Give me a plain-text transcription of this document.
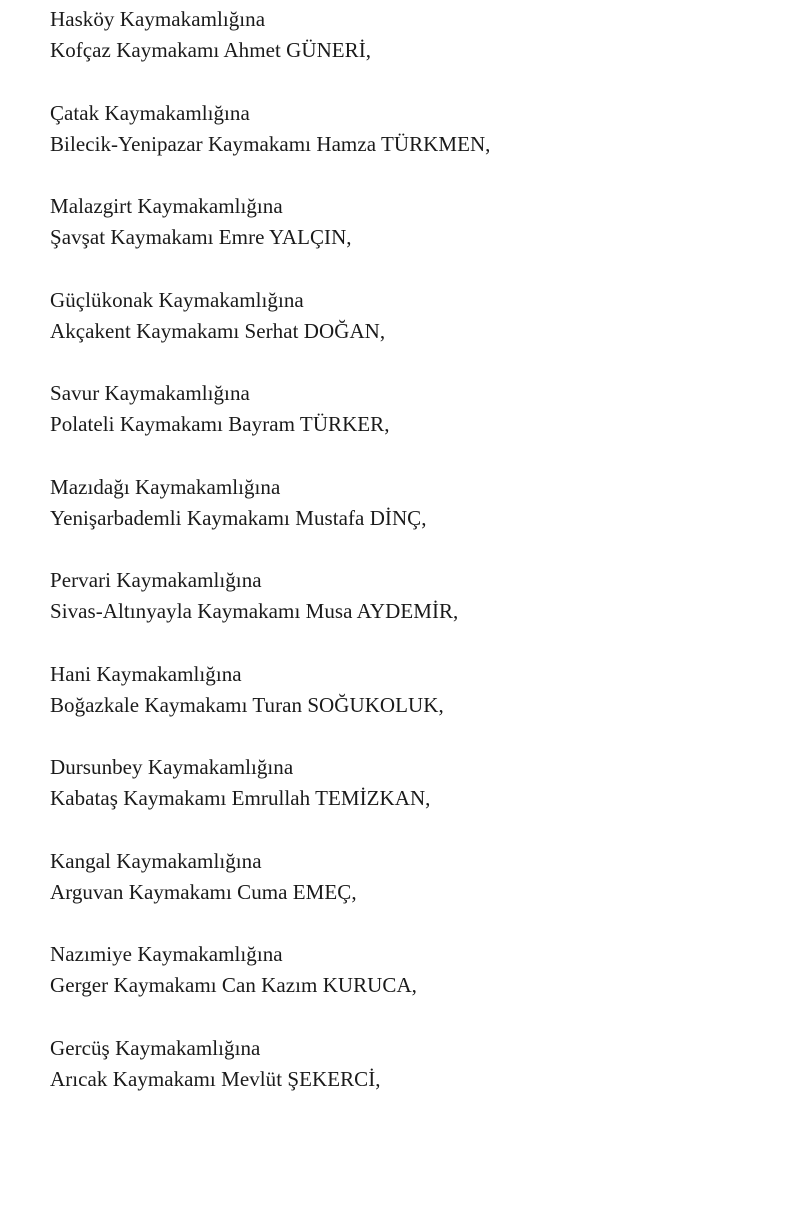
Hasköy Kaymakamlığına
Kofçaz Kaymakamı Ahmet GÜNERİ,
Çatak Kaymakamlığına
Bilecik-Yenipazar Kaymakamı Hamza TÜRKMEN,
Malazgirt Kaymakamlığına
Şavşat Kaymakamı Emre YALÇIN,
Güçlükonak Kaymakamlığına
Akçakent Kaymakamı Serhat DOĞAN,
Savur Kaymakamlığına
Polateli Kaymakamı Bayram TÜRKER,
Mazıdağı Kaymakamlığına
Yenişarbademli Kaymakamı Mustafa DİNÇ,
Pervari Kaymakamlığına
Sivas-Altınyayla Kaymakamı Musa AYDEMİR,
Hani Kaymakamlığına
Boğazkale Kaymakamı Turan SOĞUKOLUK,
Dursunbey Kaymakamlığına
Kabataş Kaymakamı Emrullah TEMİZKAN,
Kangal Kaymakamlığına
Arguvan Kaymakamı Cuma EMEÇ,
Nazımiye Kaymakamlığına
Gerger Kaymakamı Can Kazım KURUCA,
Gercüş Kaymakamlığına
Arıcak Kaymakamı Mevlüt ŞEKERCİ,
